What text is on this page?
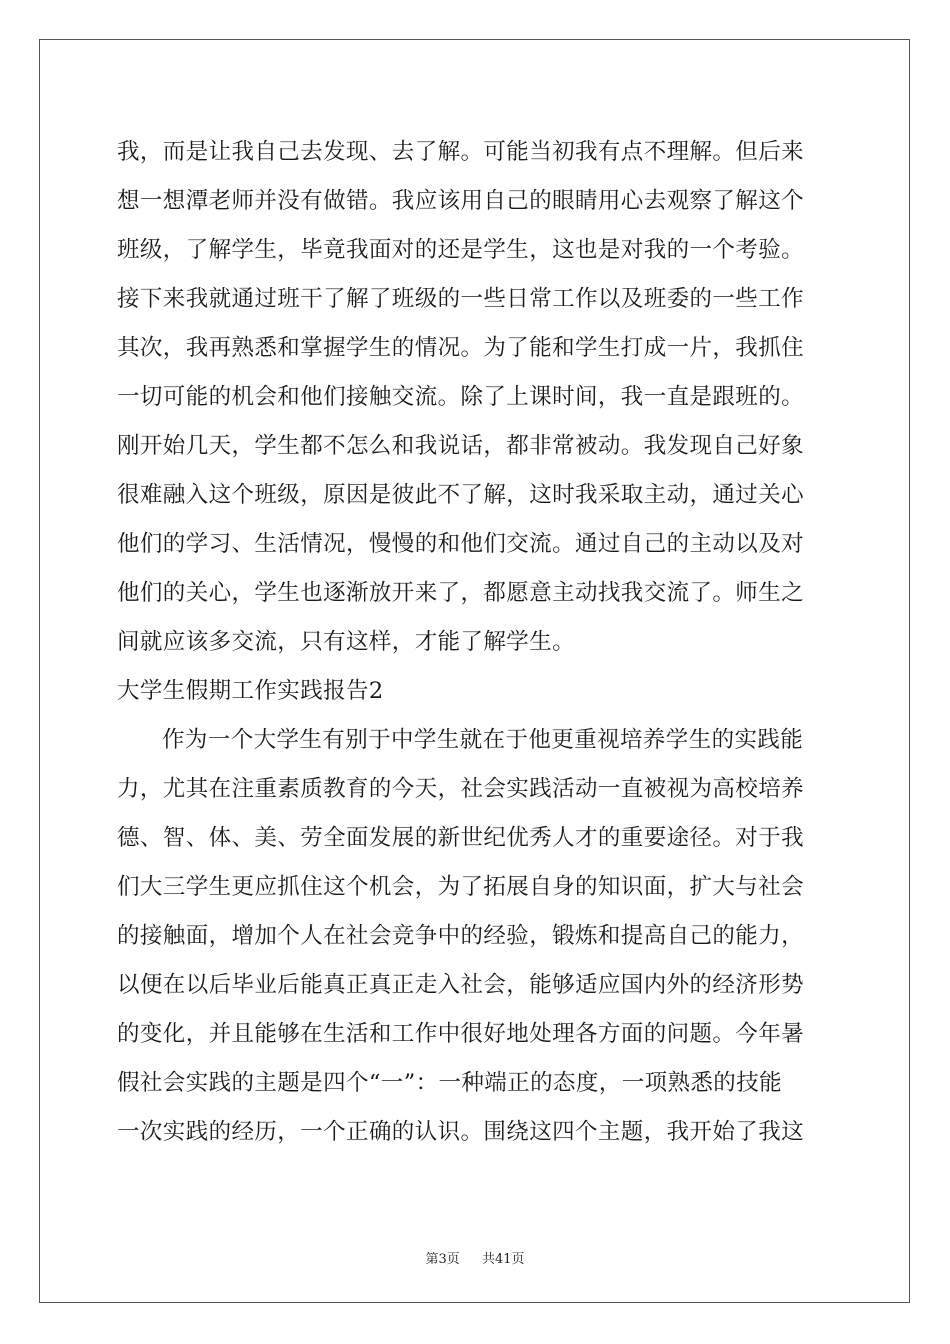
我，而是让我自己去发现、去了解。可能当初我有点不理解。但后来
想一想潭老师并没有做错。我应该用自己的眼睛用心去观察了解这个
班级，了解学生，毕竟我面对的还是学生，这也是对我的一个考验。
接下来我就通过班干了解了班级的一些日常工作以及班委的一些工作
其次，我再熟悉和掌握学生的情况。为了能和学生打成一片，我抓住
一切可能的机会和他们接触交流。除了上课时间，我一直是跟班的。
刚开始几天，学生都不怎么和我说话，都非常被动。我发现自己好象
很难融入这个班级，原因是彼此不了解，这时我采取主动，通过关心
他们的学习、生活情况，慢慢的和他们交流。通过自己的主动以及对
他们的关心，学生也逐渐放开来了，都愿意主动找我交流了。师生之
间就应该多交流，只有这样，才能了解学生。
大学生假期工作实践报告2
作为一个大学生有别于中学生就在于他更重视培养学生的实践能
力，尤其在注重素质教育的今天，社会实践活动一直被视为高校培养
德、智、体、美、劳全面发展的新世纪优秀人才的重要途径。对于我
们大三学生更应抓住这个机会，为了拓展自身的知识面，扩大与社会
的接触面，增加个人在社会竞争中的经验，锻炼和提高自己的能力，
以便在以后毕业后能真正真正走入社会，能够适应国内外的经济形势
的变化，并且能够在生活和工作中很好地处理各方面的问题。今年暑
假社会实践的主题是四个“一”：一种端正的态度，一项熟悉的技能
一次实践的经历，一个正确的认识。围绕这四个主题，我开始了我这
第3页 共41页
